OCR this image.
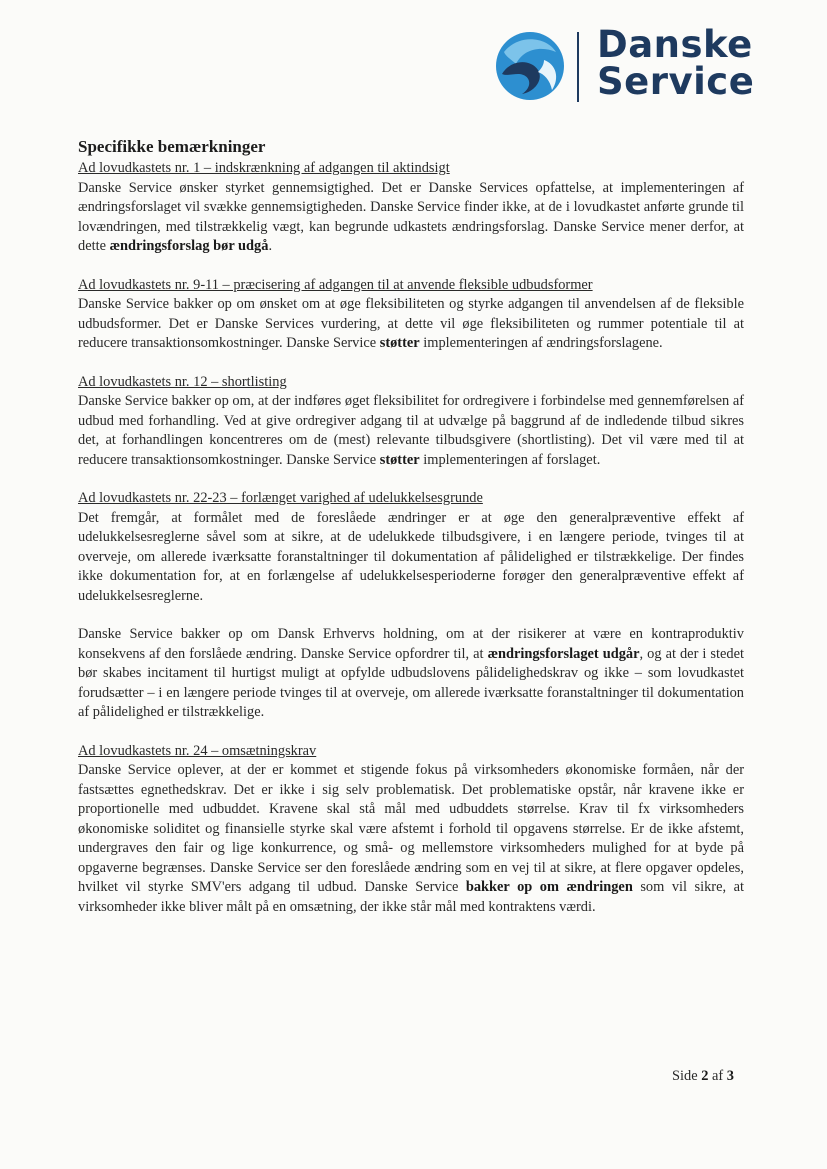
Danske
Service
Specifikke bemærkninger
Ad lovudkastets nr. 1 – indskrænkning af adgangen til aktindsigt

Danske Service ønsker styrket gennemsigtighed. Det er Danske Services opfattelse, at implementeringen af ændringsforslaget vil svække gennemsigtigheden. Danske Service finder ikke, at de i lovudkastet anførte grunde til lovændringen, med tilstrækkelig vægt, kan begrunde udkastets ændringsforslag. Danske Service mener derfor, at dette ændringsforslag bør udgå.

Ad lovudkastets nr. 9-11 – præcisering af adgangen til at anvende fleksible udbudsformer

Danske Service bakker op om ønsket om at øge fleksibiliteten og styrke adgangen til anvendelsen af de fleksible udbudsformer. Det er Danske Services vurdering, at dette vil øge fleksibiliteten og rummer potentiale til at reducere transaktionsomkostninger. Danske Service støtter implementeringen af ændringsforslagene.

Ad lovudkastets nr. 12 – shortlisting

Danske Service bakker op om, at der indføres øget fleksibilitet for ordregivere i forbindelse med gennemførelsen af udbud med forhandling. Ved at give ordregiver adgang til at udvælge på baggrund af de indledende tilbud sikres det, at forhandlingen koncentreres om de (mest) relevante tilbudsgivere (shortlisting). Det vil være med til at reducere transaktionsomkostninger. Danske Service støtter implementeringen af forslaget.

Ad lovudkastets nr. 22-23 – forlænget varighed af udelukkelsesgrunde

Det fremgår, at formålet med de foreslåede ændringer er at øge den generalpræventive effekt af udelukkelsesreglerne såvel som at sikre, at de udelukkede tilbudsgivere, i en længere periode, tvinges til at overveje, om allerede iværksatte foranstaltninger til dokumentation af pålidelighed er tilstrækkelige. Der findes ikke dokumentation for, at en forlængelse af udelukkelsesperioderne forøger den generalpræventive effekt af udelukkelsesreglerne.

Danske Service bakker op om Dansk Erhvervs holdning, om at der risikerer at være en kontraproduktiv konsekvens af den forslåede ændring. Danske Service opfordrer til, at ændringsforslaget udgår, og at der i stedet bør skabes incitament til hurtigst muligt at opfylde udbudslovens pålidelighedskrav og ikke – som lovudkastet forudsætter – i en længere periode tvinges til at overveje, om allerede iværksatte foranstaltninger til dokumentation af pålidelighed er tilstrækkelige.

Ad lovudkastets nr. 24 – omsætningskrav

Danske Service oplever, at der er kommet et stigende fokus på virksomheders økonomiske formåen, når der fastsættes egnethedskrav. Det er ikke i sig selv problematisk. Det problematiske opstår, når kravene ikke er proportionelle med udbuddet. Kravene skal stå mål med udbuddets størrelse. Krav til fx virksomheders økonomiske soliditet og finansielle styrke skal være afstemt i forhold til opgavens størrelse. Er de ikke afstemt, undergraves den fair og lige konkurrence, og små- og mellemstore virksomheders mulighed for at byde på opgaverne begrænses. Danske Service ser den foreslåede ændring som en vej til at sikre, at flere opgaver opdeles, hvilket vil styrke SMV'ers adgang til udbud. Danske Service bakker op om ændringen som vil sikre, at virksomheder ikke bliver målt på en omsætning, der ikke står mål med kontraktens værdi.

Side 2 af 3
